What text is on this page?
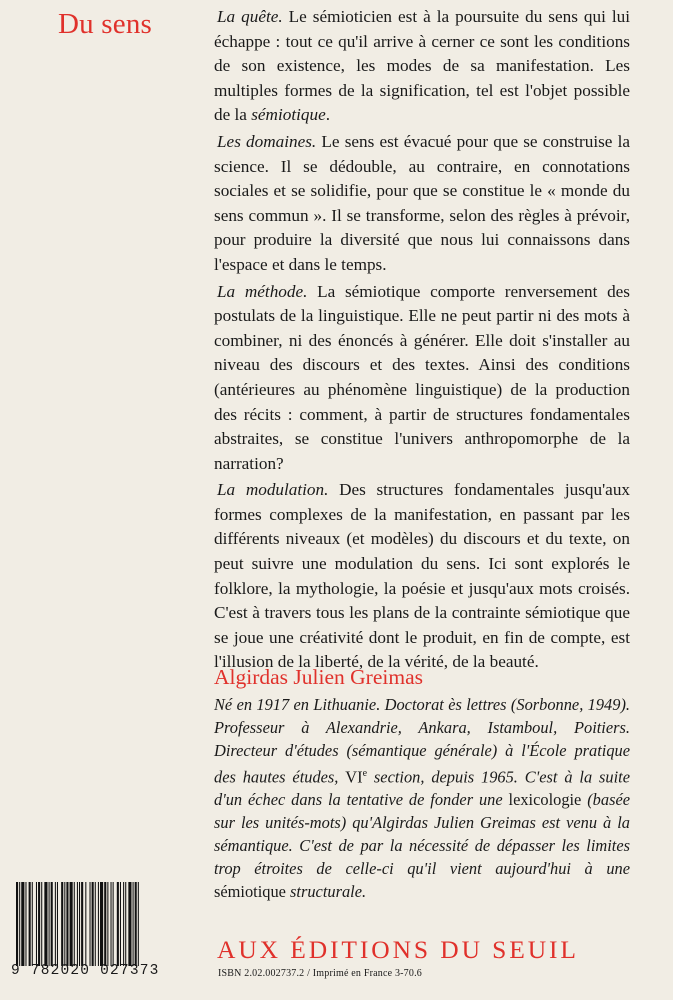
Du sens	La quête. Le sémioticien est à la poursuite du sens qui lui échappe : tout ce qu'il arrive à cerner ce sont les conditions de son existence, les modes de sa manifestation. Les multiples formes de la signification, tel est l'objet possible de la sémiotique.

Les domaines. Le sens est évacué pour que se construise la science. Il se dédouble, au contraire, en connotations sociales et se solidifie, pour que se constitue le « monde du sens commun ». Il se transforme, selon des règles à prévoir, pour produire la diversité que nous lui connaissons dans l'espace et dans le temps.

La méthode. La sémiotique comporte renversement des postulats de la linguistique. Elle ne peut partir ni des mots à combiner, ni des énoncés à générer. Elle doit s'installer au niveau des discours et des textes. Ainsi des conditions (antérieures au phénomène linguistique) de la production des récits : comment, à partir de structures fondamentales abstraites, se constitue l'univers anthropomorphe de la narration?

La modulation. Des structures fondamentales jusqu'aux formes complexes de la manifestation, en passant par les différents niveaux (et modèles) du discours et du texte, on peut suivre une modulation du sens. Ici sont explorés le folklore, la mythologie, la poésie et jusqu'aux mots croisés. C'est à travers tous les plans de la contrainte sémiotique que se joue une créativité dont le produit, en fin de compte, est l'illusion de la liberté, de la vérité, de la beauté.

Algirdas Julien Greimas
Né en 1917 en Lithuanie. Doctorat ès lettres (Sorbonne, 1949). Professeur à Alexandrie, Ankara, Istamboul, Poitiers. Directeur d'études (sémantique générale) à l'École pratique des hautes études, VIe section, depuis 1965. C'est à la suite d'un échec dans la tentative de fonder une lexicologie (basée sur les unités-mots) qu'Algirdas Julien Greimas est venu à la sémantique. C'est de par la nécessité de dépasser les limites trop étroites de celle-ci qu'il vient aujourd'hui à une sémiotique structurale.
9 782020 027373
AUX ÉDITIONS DU SEUIL
ISBN 2.02.002737.2 / Imprimé en France 3-70.6
